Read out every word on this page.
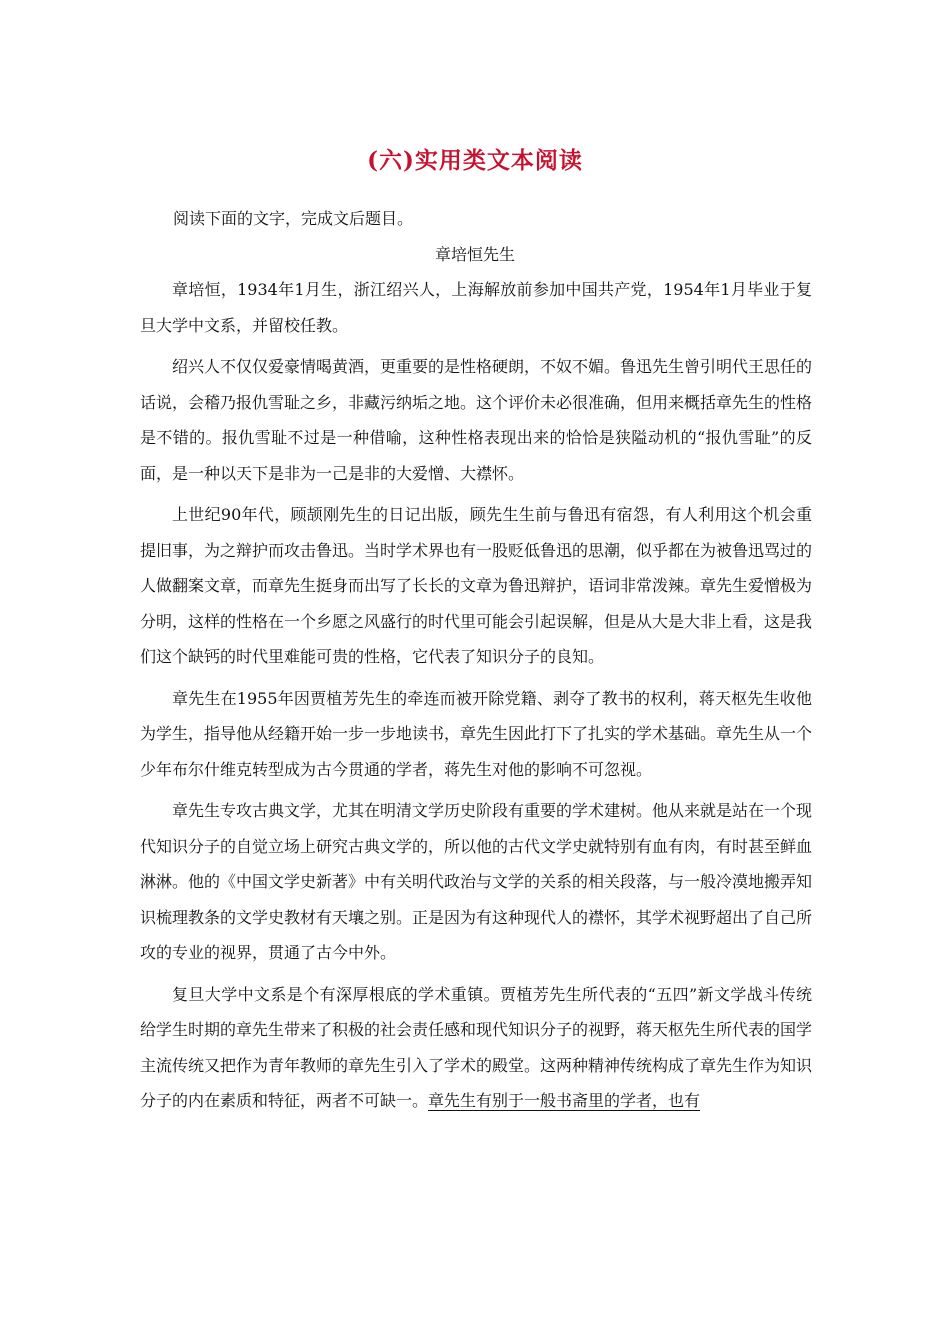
(六)实用类文本阅读
阅读下面的文字，完成文后题目。
章培恒先生

章培恒，1934年1月生，浙江绍兴人，上海解放前参加中国共产党，1954年1月毕业于复旦大学中文系，并留校任教。

绍兴人不仅仅爱豪情喝黄酒，更重要的是性格硬朗，不奴不媚。鲁迅先生曾引明代王思任的话说，会稽乃报仇雪耻之乡，非藏污纳垢之地。这个评价未必很准确，但用来概括章先生的性格是不错的。报仇雪耻不过是一种借喻，这种性格表现出来的恰恰是狭隘动机的“报仇雪耻”的反面，是一种以天下是非为一己是非的大爱憎、大襟怀。

上世纪90年代，顾颉刚先生的日记出版，顾先生生前与鲁迅有宿怨，有人利用这个机会重提旧事，为之辩护而攻击鲁迅。当时学术界也有一股贬低鲁迅的思潮，似乎都在为被鲁迅骂过的人做翻案文章，而章先生挺身而出写了长长的文章为鲁迅辩护，语词非常泼辣。章先生爱憎极为分明，这样的性格在一个乡愿之风盛行的时代里可能会引起误解，但是从大是大非上看，这是我们这个缺钙的时代里难能可贵的性格，它代表了知识分子的良知。

章先生在1955年因贾植芳先生的牵连而被开除党籍、剥夺了教书的权利，蒋天枢先生收他为学生，指导他从经籍开始一步一步地读书，章先生因此打下了扎实的学术基础。章先生从一个少年布尔什维克转型成为古今贯通的学者，蒋先生对他的影响不可忽视。

章先生专攻古典文学，尤其在明清文学历史阶段有重要的学术建树。他从来就是站在一个现代知识分子的自觉立场上研究古典文学的，所以他的古代文学史就特别有血有肉，有时甚至鲜血淋淋。他的《中国文学史新著》中有关明代政治与文学的关系的相关段落，与一般冷漠地搬弄知识梳理教条的文学史教材有天壤之别。正是因为有这种现代人的襟怀，其学术视野超出了自己所攻的专业的视界，贯通了古今中外。

复旦大学中文系是个有深厚根底的学术重镇。贾植芳先生所代表的“五四”新文学战斗传统给学生时期的章先生带来了积极的社会责任感和现代知识分子的视野，蒋天枢先生所代表的国学主流传统又把作为青年教师的章先生引入了学术的殿堂。这两种精神传统构成了章先生作为知识分子的内在素质和特征，两者不可缺一。章先生有别于一般书斋里的学者，也有
